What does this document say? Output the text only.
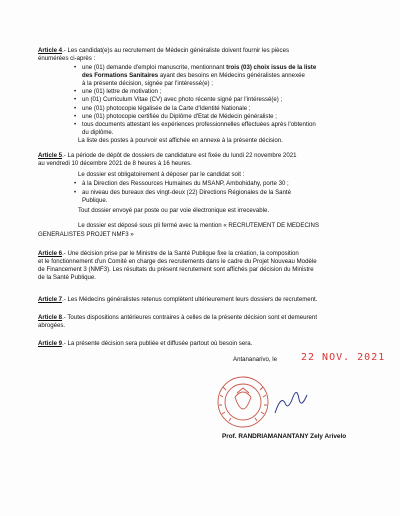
Article 4.- Les candidat(e)s au recrutement de Médecin généraliste doivent fournir les pièces
énumérées ci-après :
• une (01) demande d'emploi manuscrite, mentionnant trois (03) choix issus de la liste
des Formations Sanitaires ayant des besoins en Médecins généralistes annexée
à la présente décision, signée par l'intéressé(e) ;
• une (01) lettre de motivation ;
• un (01) Curriculum Vitae (CV) avec photo récente signé par l'intéressé(e) ;
• une (01) photocopie légalisée de la Carte d'Identité Nationale ;
• une (01) photocopie certifiée du Diplôme d'Etat de Médecin généraliste ;
• tous documents attestant les expériences professionnelles effectuées après l'obtention
du diplôme.
La liste des postes à pourvoir est affichée en annexe à la présente décision.
Article 5.- La période de dépôt de dossiers de candidature est fixée du lundi 22 novembre 2021
au vendredi 10 décembre 2021 de 8 heures à 16 heures.
Le dossier est obligatoirement à déposer par le candidat soit :
• à la Direction des Ressources Humaines du MSANP, Ambohidahy, porte 30 ;
• au niveau des bureaux des vingt-deux (22) Directions Régionales de la Santé
Publique.
Tout dossier envoyé par poste ou par voie électronique est irrecevable.
Le dossier est déposé sous pli fermé avec la mention « RECRUTEMENT DE MEDECINS
GENERALISTES PROJET NMF3 »
Article 6.- Une décision prise par le Ministre de la Santé Publique fixe la création, la composition
et le fonctionnement d'un Comité en charge des recrutements dans le cadre du Projet Nouveau Modèle
de Financement 3 (NMF3). Les résultats du présent recrutement sont affichés par décision du Ministre
de la Santé Publique.
Article 7.- Les Médecins généralistes retenus complètent ultérieurement leurs dossiers de recrutement.
Article 8.- Toutes dispositions antérieures contraires à celles de la présente décision sont et demeurent
abrogées.
Article 9.- La présente décision sera publiée et diffusée partout où besoin sera.
Antananarivo, le 22 NOV. 2021
Prof. RANDRIAMANANTANY Zely Arivelo
